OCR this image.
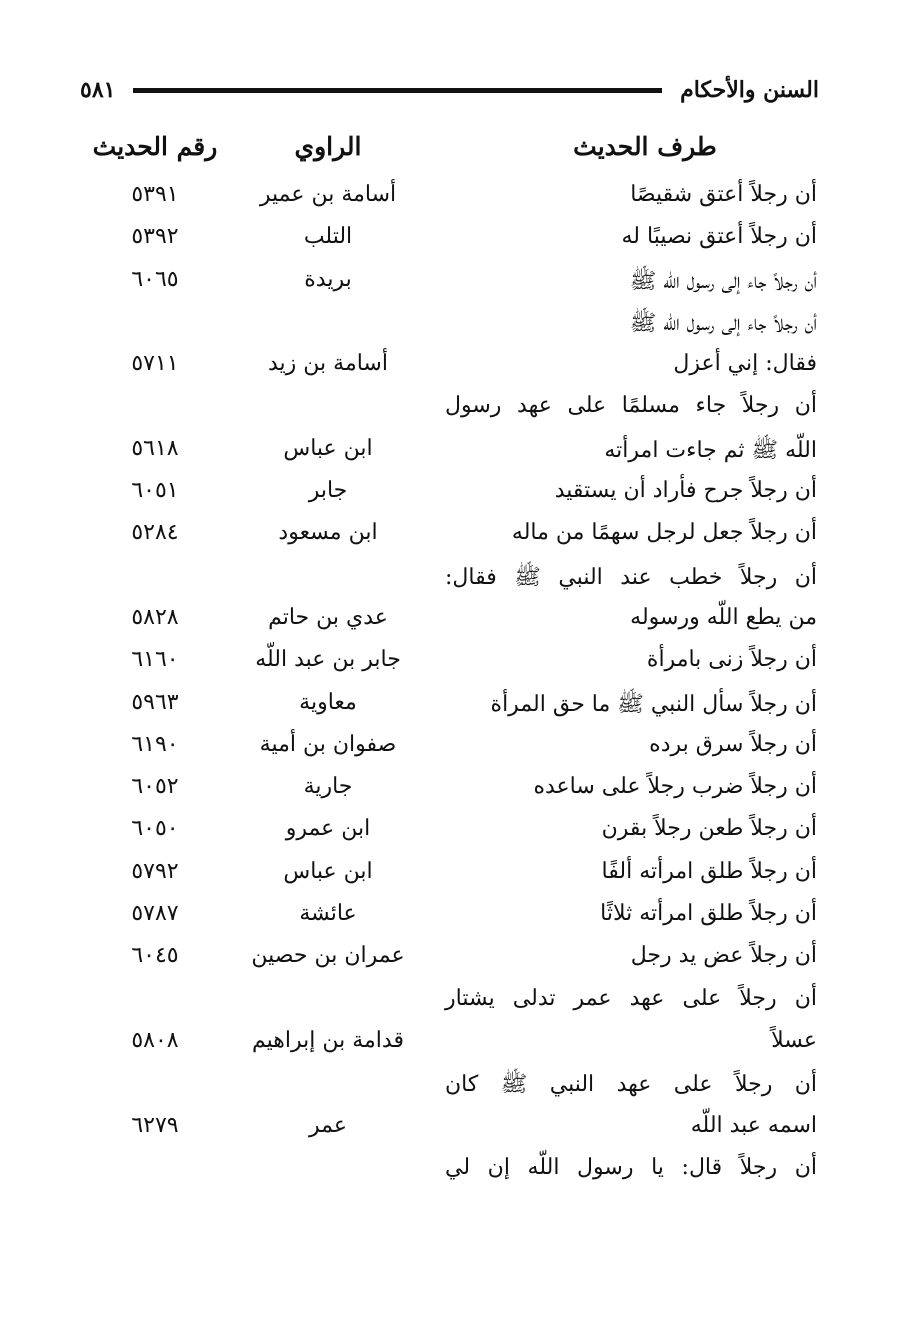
السنن والأحكام
٥٨١
طرف الحديث
الراوي
رقم الحديث
أن رجلاً أعتق شقيصًا
أسامة بن عمير
٥٣٩١
أن رجلاً أعتق نصيبًا له
التلب
٥٣٩٢
أن رجلاً جاء إلى رسول اللّه ﷺ
بريدة
٦٠٦٥
أن رجلاً جاء إلى رسول اللّه ﷺ
فقال: إني أعزل
أسامة بن زيد
٥٧١١
أن رجلاً جاء مسلمًا على عهد رسول
اللّه ﷺ ثم جاءت امرأته
ابن عباس
٥٦١٨
أن رجلاً جرح فأراد أن يستقيد
جابر
٦٠٥١
أن رجلاً جعل لرجل سهمًا من ماله
ابن مسعود
٥٢٨٤
أن رجلاً خطب عند النبي ﷺ فقال:
من يطع اللّه ورسوله
عدي بن حاتم
٥٨٢٨
أن رجلاً زنى بامرأة
جابر بن عبد اللّه
٦١٦٠
أن رجلاً سأل النبي ﷺ ما حق المرأة
معاوية
٥٩٦٣
أن رجلاً سرق برده
صفوان بن أمية
٦١٩٠
أن رجلاً ضرب رجلاً على ساعده
جارية
٦٠٥٢
أن رجلاً طعن رجلاً بقرن
ابن عمرو
٦٠٥٠
أن رجلاً طلق امرأته ألفًا
ابن عباس
٥٧٩٢
أن رجلاً طلق امرأته ثلاثًا
عائشة
٥٧٨٧
أن رجلاً عض يد رجل
عمران بن حصين
٦٠٤٥
أن رجلاً على عهد عمر تدلى يشتار
عسلاً
قدامة بن إبراهيم
٥٨٠٨
أن رجلاً على عهد النبي ﷺ كان
اسمه عبد اللّه
عمر
٦٢٧٩
أن رجلاً قال: يا رسول اللّه إن لي
